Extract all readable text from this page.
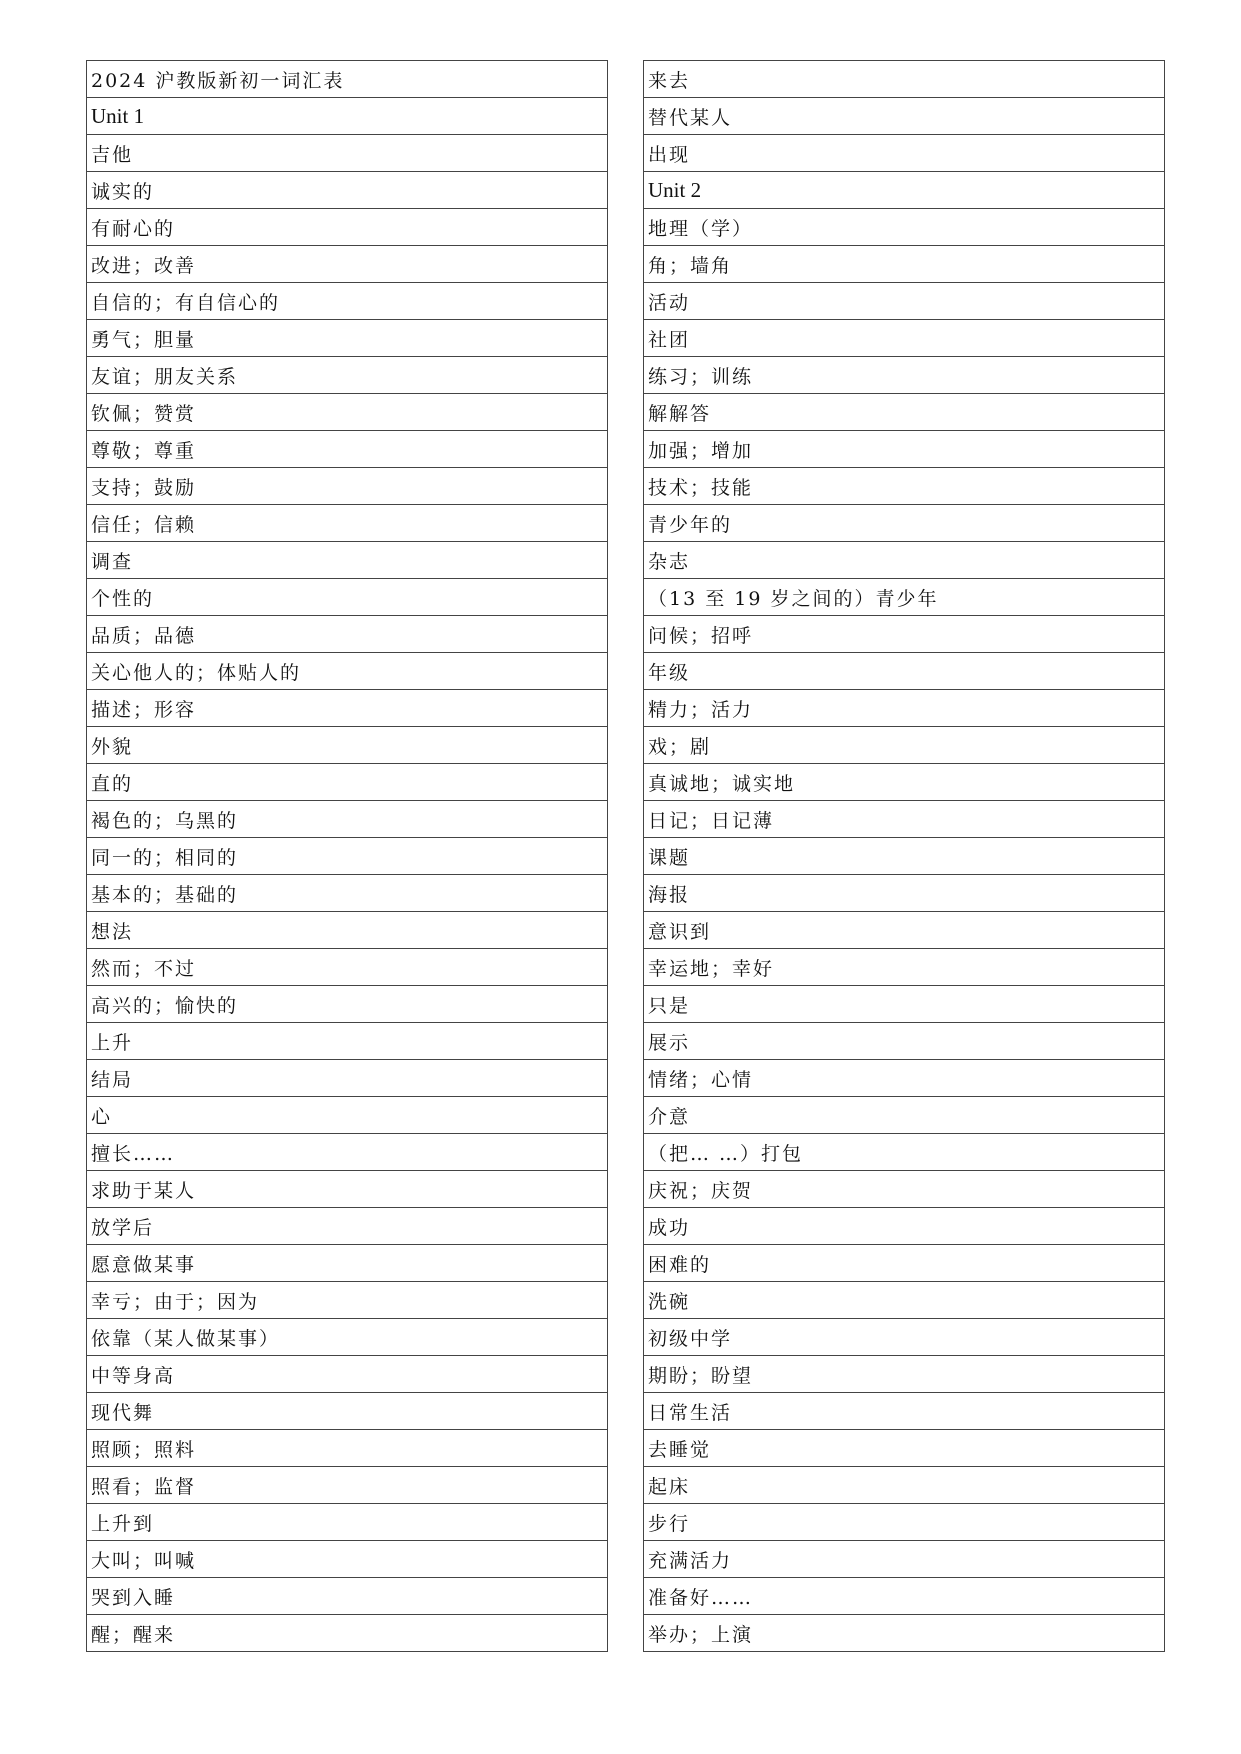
2024 沪教版新初一词汇表
Unit 1
吉他
诚实的
有耐心的
改进；改善
自信的；有自信心的
勇气；胆量
友谊；朋友关系
钦佩；赞赏
尊敬；尊重
支持；鼓励
信任；信赖
调查
个性的
品质；品德
关心他人的；体贴人的
描述；形容
外貌
直的
褐色的；乌黑的
同一的；相同的
基本的；基础的
想法
然而；不过
高兴的；愉快的
上升
结局
心
擅长……
求助于某人
放学后
愿意做某事
幸亏；由于；因为
依靠（某人做某事）
中等身高
现代舞
照顾；照料
照看；监督
上升到
大叫；叫喊
哭到入睡
醒；醒来
来去
替代某人
出现
Unit 2
地理（学）
角；墙角
活动
社团
练习；训练
解解答
加强；增加
技术；技能
青少年的
杂志
（13 至 19 岁之间的）青少年
问候；招呼
年级
精力；活力
戏；剧
真诚地；诚实地
日记；日记薄
课题
海报
意识到
幸运地；幸好
只是
展示
情绪；心情
介意
（把… …）打包
庆祝；庆贺
成功
困难的
洗碗
初级中学
期盼；盼望
日常生活
去睡觉
起床
步行
充满活力
准备好……
举办；上演
